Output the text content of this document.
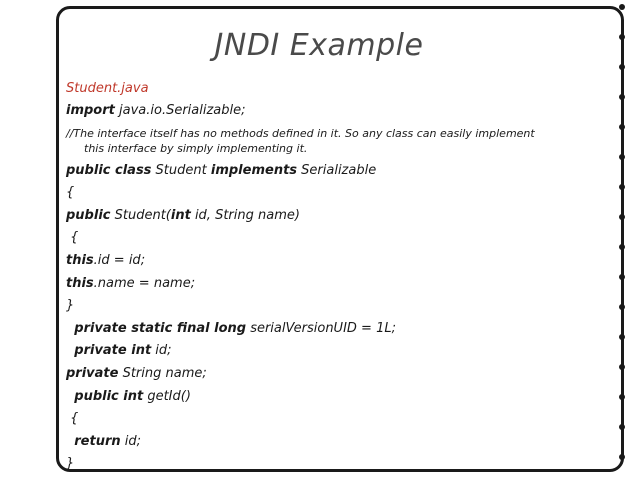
JNDI Example
Student.java
import java.io.Serializable;
//The interface itself has no methods defined in it. So any class can easily implement
this interface by simply implementing it.
public class Student implements Serializable
{
public Student(int id, String name)
{
this.id = id;
this.name = name;
}
private static final long serialVersionUID = 1L;
private int id;
private String name;
public int getId()
{
return id;
}
